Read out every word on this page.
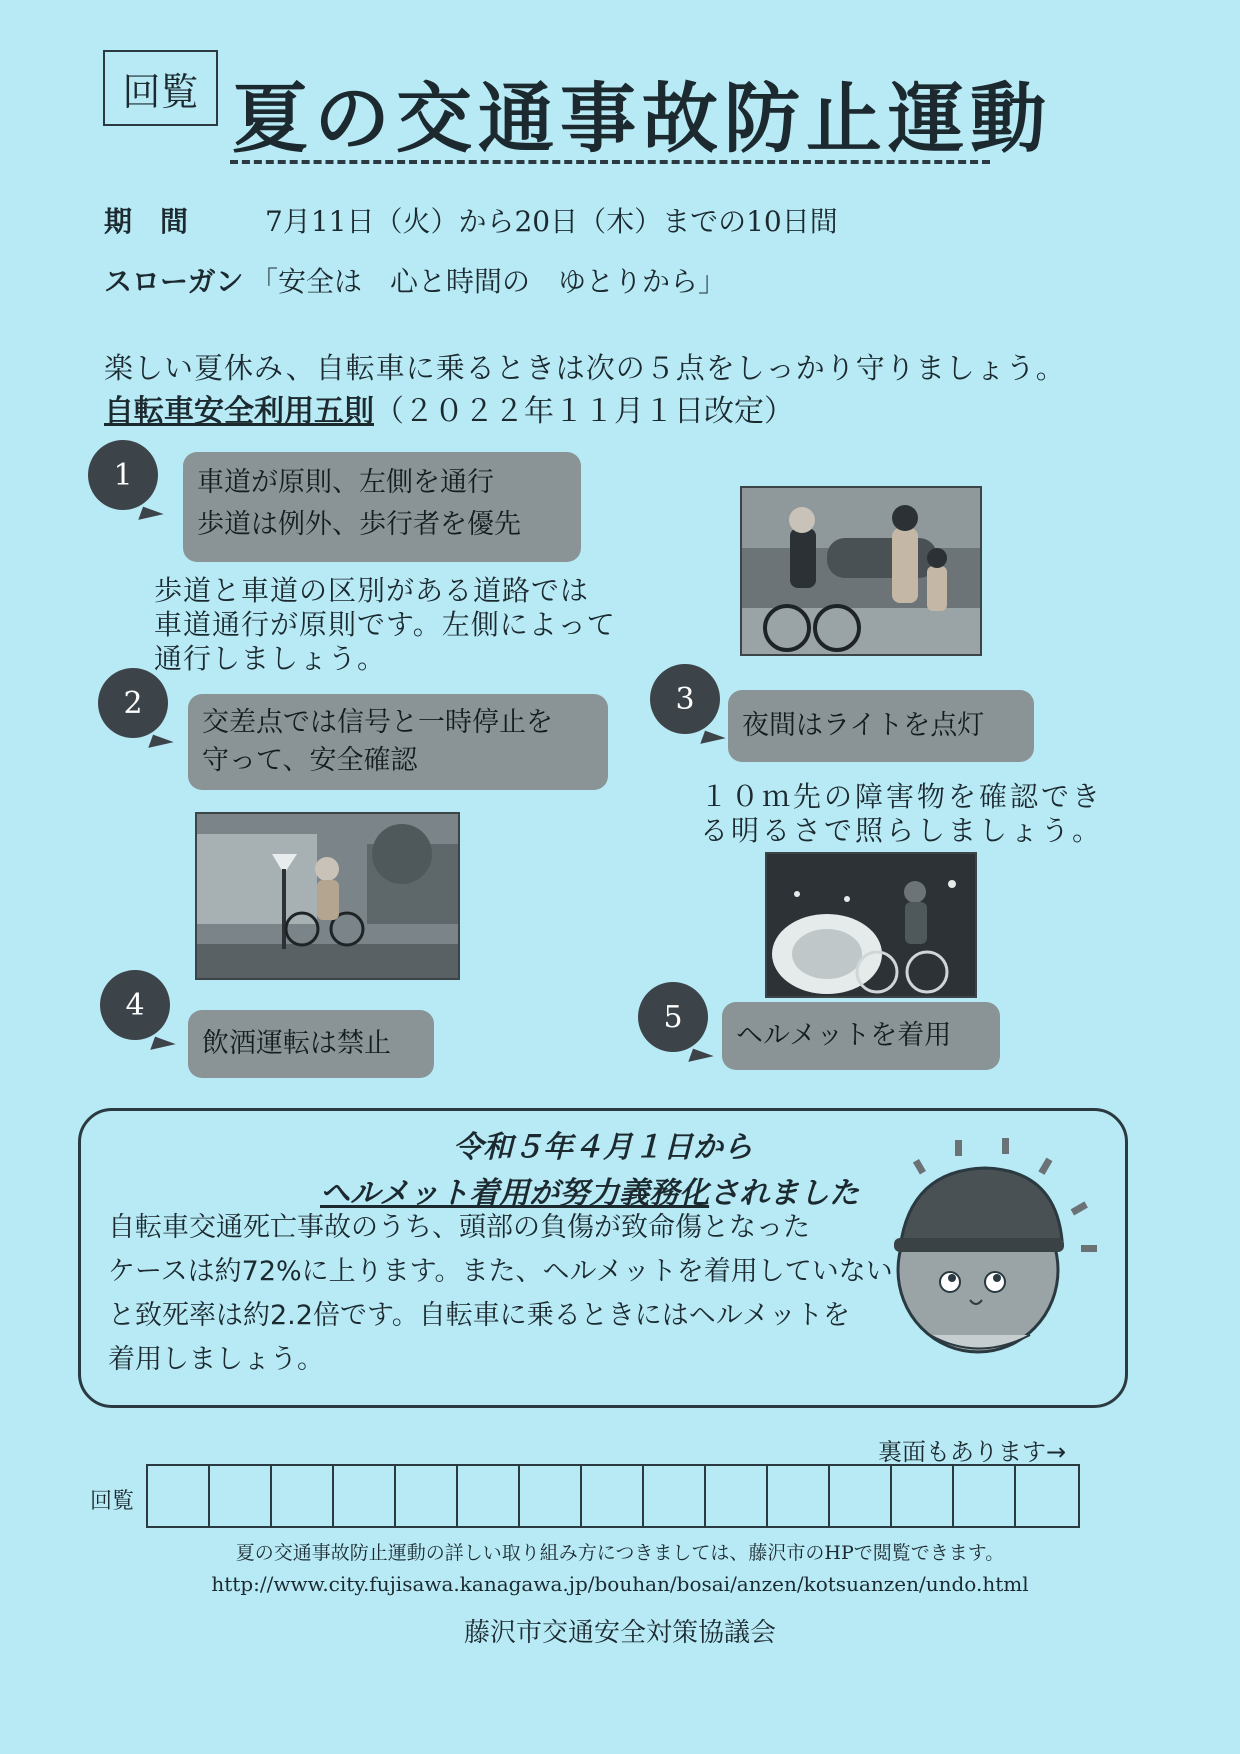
回覧 夏の交通事故防止運動
期　間	7月11日（火）から20日（木）までの10日間
スローガン 「安全は　心と時間の　ゆとりから」
楽しい夏休み、自転車に乗るときは次の５点をしっかり守りましょう。
自転車安全利用五則（２０２２年１１月１日改定）
1	車道が原則、左側を通行
歩道は例外、歩行者を優先
歩道と車道の区別がある道路では
車道通行が原則です。左側によって
通行しましょう。
2
交差点では信号と一時停止を
守って、安全確認
3
夜間はライトを点灯
１０ｍ先の障害物を確認でき
る明るさで照らしましょう。
4
飲酒運転は禁止
5
ヘルメットを着用
令和５年４月１日から
ヘルメット着用が努力義務化されました
自転車交通死亡事故のうち、頭部の負傷が致命傷となった
ケースは約72%に上ります。また、ヘルメットを着用していない
と致死率は約2.2倍です。自転車に乗るときにはヘルメットを
着用しましょう。
裏面もあります→
回覧
夏の交通事故防止運動の詳しい取り組み方につきましては、藤沢市のHPで閲覧できます。
http://www.city.fujisawa.kanagawa.jp/bouhan/bosai/anzen/kotsuanzen/undo.html
藤沢市交通安全対策協議会
